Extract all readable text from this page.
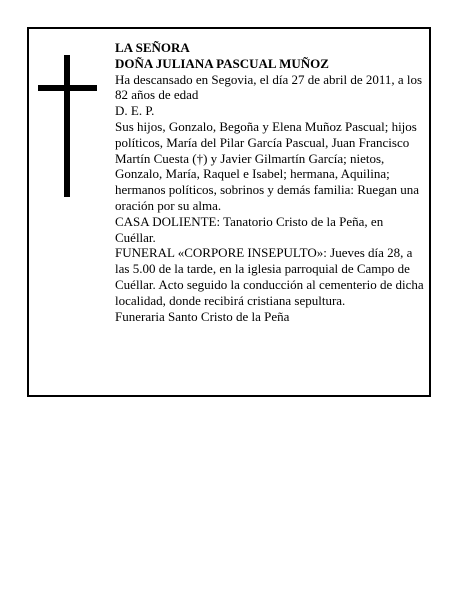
LA SEÑORA

DOÑA JULIANA PASCUAL MUÑOZ

Ha descansado en Segovia, el día 27 de abril de 2011, a los 82 años de edad

D. E. P.

Sus hijos, Gonzalo, Begoña y Elena Muñoz Pascual; hijos políticos, María del Pilar García Pascual, Juan Francisco Martín Cuesta (†) y Javier Gilmartín García; nietos, Gonzalo, María, Raquel e Isabel; hermana, Aquilina; hermanos políticos, sobrinos y demás familia: Ruegan una oración por su alma.

CASA DOLIENTE: Tanatorio Cristo de la Peña, en Cuéllar.

FUNERAL «CORPORE INSEPULTO»: Jueves día 28, a las 5.00 de la tarde, en la iglesia parroquial de Campo de Cuéllar. Acto seguido la conducción al cementerio de dicha localidad, donde recibirá cristiana sepultura.

Funeraria Santo Cristo de la Peña
